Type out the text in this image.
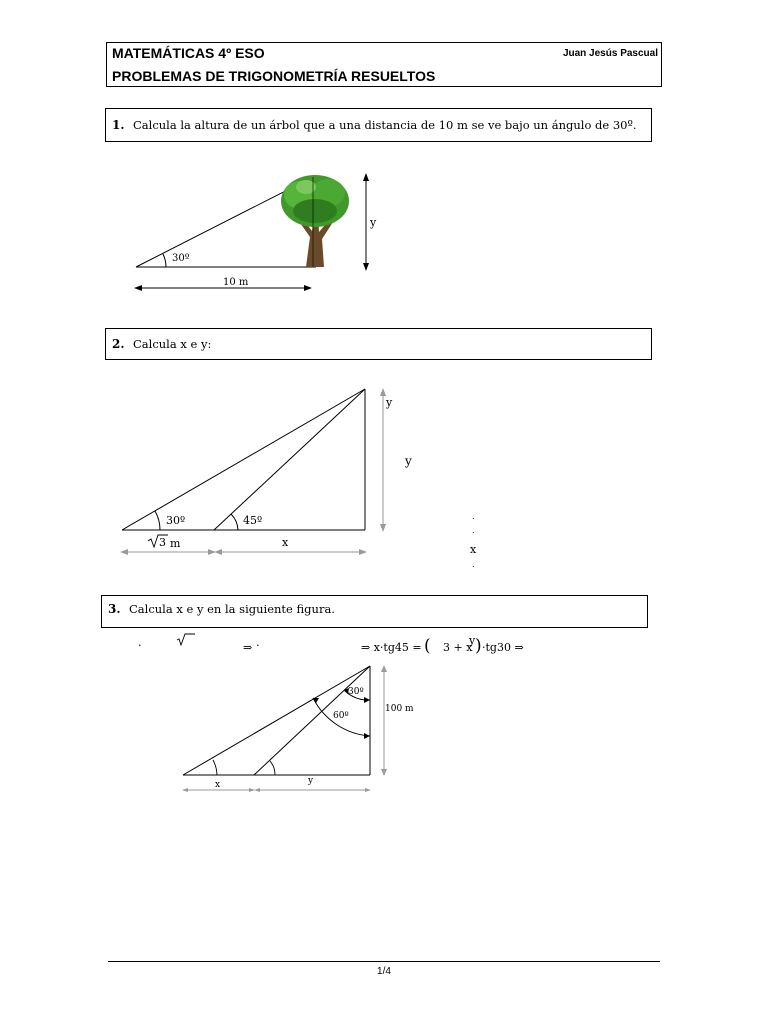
MATEMÁTICAS 4º ESO	Juan Jesús Pascual
PROBLEMAS DE TRIGONOMETRÍA RESUELTOS
1. Calcula la altura de un árbol que a una distancia de 10 m se ve bajo un ángulo de 30º.
30º
y
10 m
2. Calcula x e y:
30º	45º
y
3 m	x
y
x
.
.
.
3. Calcula x e y en la siguiente figura.
.	⇒ .	⇒ x·tg45 = ( 3 + x
y ) ·tg30 ⇒
30º
60º
100 m
x	y
1/4
